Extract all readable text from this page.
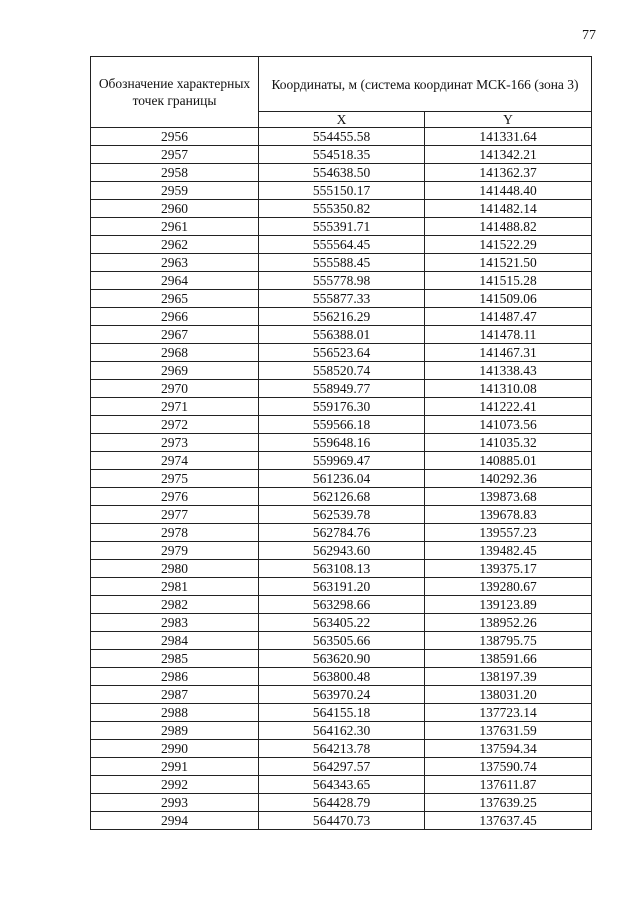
77
Обозначение характерных точек границы	Координаты, м (система координат МСК-166 (зона 3)	
	X	Y
2956	554455.58	141331.64
2957	554518.35	141342.21
2958	554638.50	141362.37
2959	555150.17	141448.40
2960	555350.82	141482.14
2961	555391.71	141488.82
2962	555564.45	141522.29
2963	555588.45	141521.50
2964	555778.98	141515.28
2965	555877.33	141509.06
2966	556216.29	141487.47
2967	556388.01	141478.11
2968	556523.64	141467.31
2969	558520.74	141338.43
2970	558949.77	141310.08
2971	559176.30	141222.41
2972	559566.18	141073.56
2973	559648.16	141035.32
2974	559969.47	140885.01
2975	561236.04	140292.36
2976	562126.68	139873.68
2977	562539.78	139678.83
2978	562784.76	139557.23
2979	562943.60	139482.45
2980	563108.13	139375.17
2981	563191.20	139280.67
2982	563298.66	139123.89
2983	563405.22	138952.26
2984	563505.66	138795.75
2985	563620.90	138591.66
2986	563800.48	138197.39
2987	563970.24	138031.20
2988	564155.18	137723.14
2989	564162.30	137631.59
2990	564213.78	137594.34
2991	564297.57	137590.74
2992	564343.65	137611.87
2993	564428.79	137639.25
2994	564470.73	137637.45
